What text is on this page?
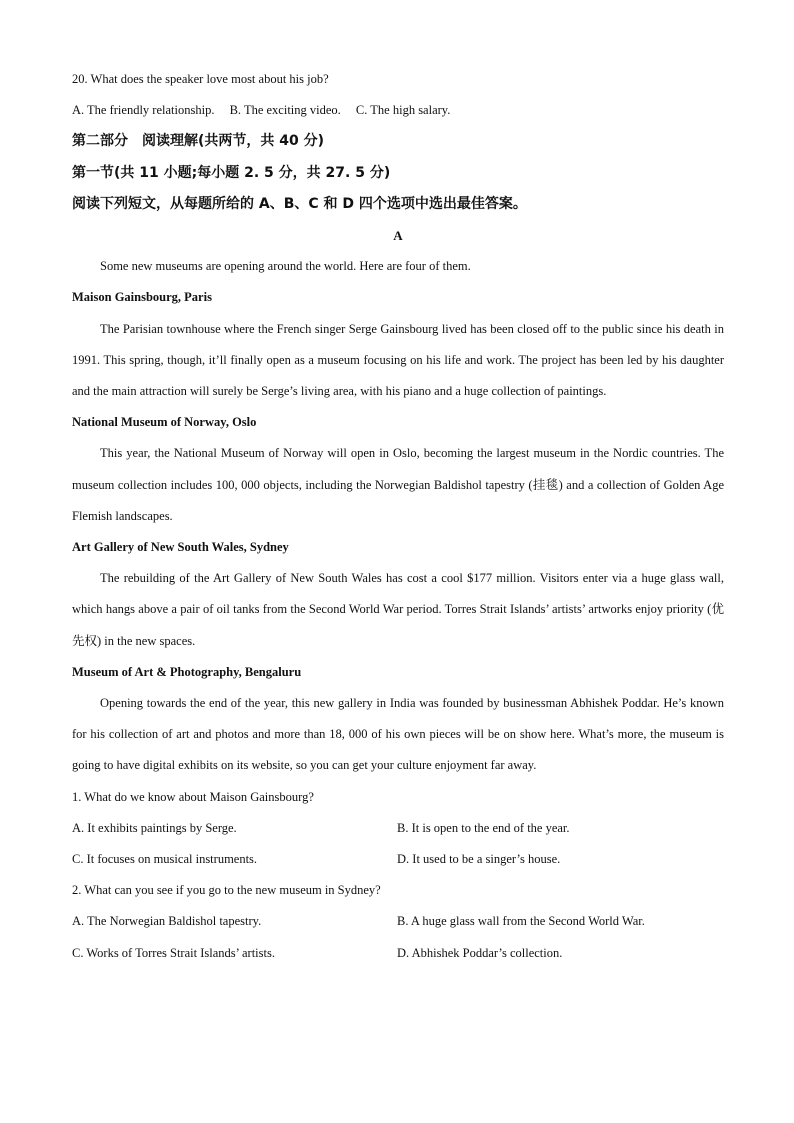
20. What does the speaker love most about his job?
A. The friendly relationship. B. The exciting video. C. The high salary.
第二部分　阅读理解(共两节，共 40 分)
第一节(共 11 小题;每小题 2. 5 分，共 27. 5 分)
阅读下列短文，从每题所给的 A、B、C 和 D 四个选项中选出最佳答案。
A

Some new museums are opening around the world. Here are four of them.

Maison Gainsbourg, Paris

The Parisian townhouse where the French singer Serge Gainsbourg lived has been closed off to the public since his death in 1991. This spring, though, it’ll finally open as a museum focusing on his life and work. The project has been led by his daughter and the main attraction will surely be Serge’s living area, with his piano and a huge collection of paintings.

National Museum of Norway, Oslo

This year, the National Museum of Norway will open in Oslo, becoming the largest museum in the Nordic countries. The museum collection includes 100, 000 objects, including the Norwegian Baldishol tapestry (挂毯) and a collection of Golden Age Flemish landscapes.

Art Gallery of New South Wales, Sydney

The rebuilding of the Art Gallery of New South Wales has cost a cool $177 million. Visitors enter via a huge glass wall, which hangs above a pair of oil tanks from the Second World War period. Torres Strait Islands’ artists’ artworks enjoy priority (优先权) in the new spaces.

Museum of Art & Photography, Bengaluru

Opening towards the end of the year, this new gallery in India was founded by businessman Abhishek Poddar. He’s known for his collection of art and photos and more than 18, 000 of his own pieces will be on show here. What’s more, the museum is going to have digital exhibits on its website, so you can get your culture enjoyment far away.

1. What do we know about Maison Gainsbourg?
A. It exhibits paintings by Serge.	B. It is open to the end of the year.
C. It focuses on musical instruments.	D. It used to be a singer’s house.
2. What can you see if you go to the new museum in Sydney?
A. The Norwegian Baldishol tapestry.	B. A huge glass wall from the Second World War.
C. Works of Torres Strait Islands’ artists.	D. Abhishek Poddar’s collection.
